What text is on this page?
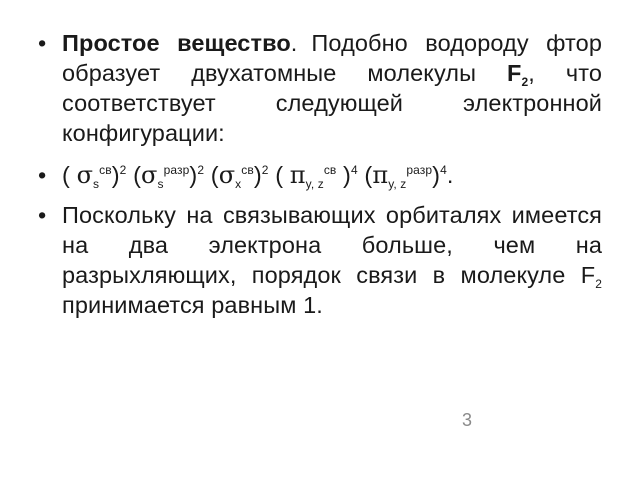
• Простое вещество. Подобно водороду фтор образует двухатомные молекулы $F_2$, что соответствует следующей электронной конфигурации:
• ( $\sigma_s^{св})^2$ $(\sigma_s^{разр})^2$ $(\sigma_x^{св})^2$ ( $\pi_{y, z}^{св}$ )$^4$ $(\pi_{y, z}^{разр})^4$.
• Поскольку на связывающих орбиталях имеется на два электрона больше, чем на разрыхляющих, порядок связи в молекуле $F_2$ принимается равным 1.
3
